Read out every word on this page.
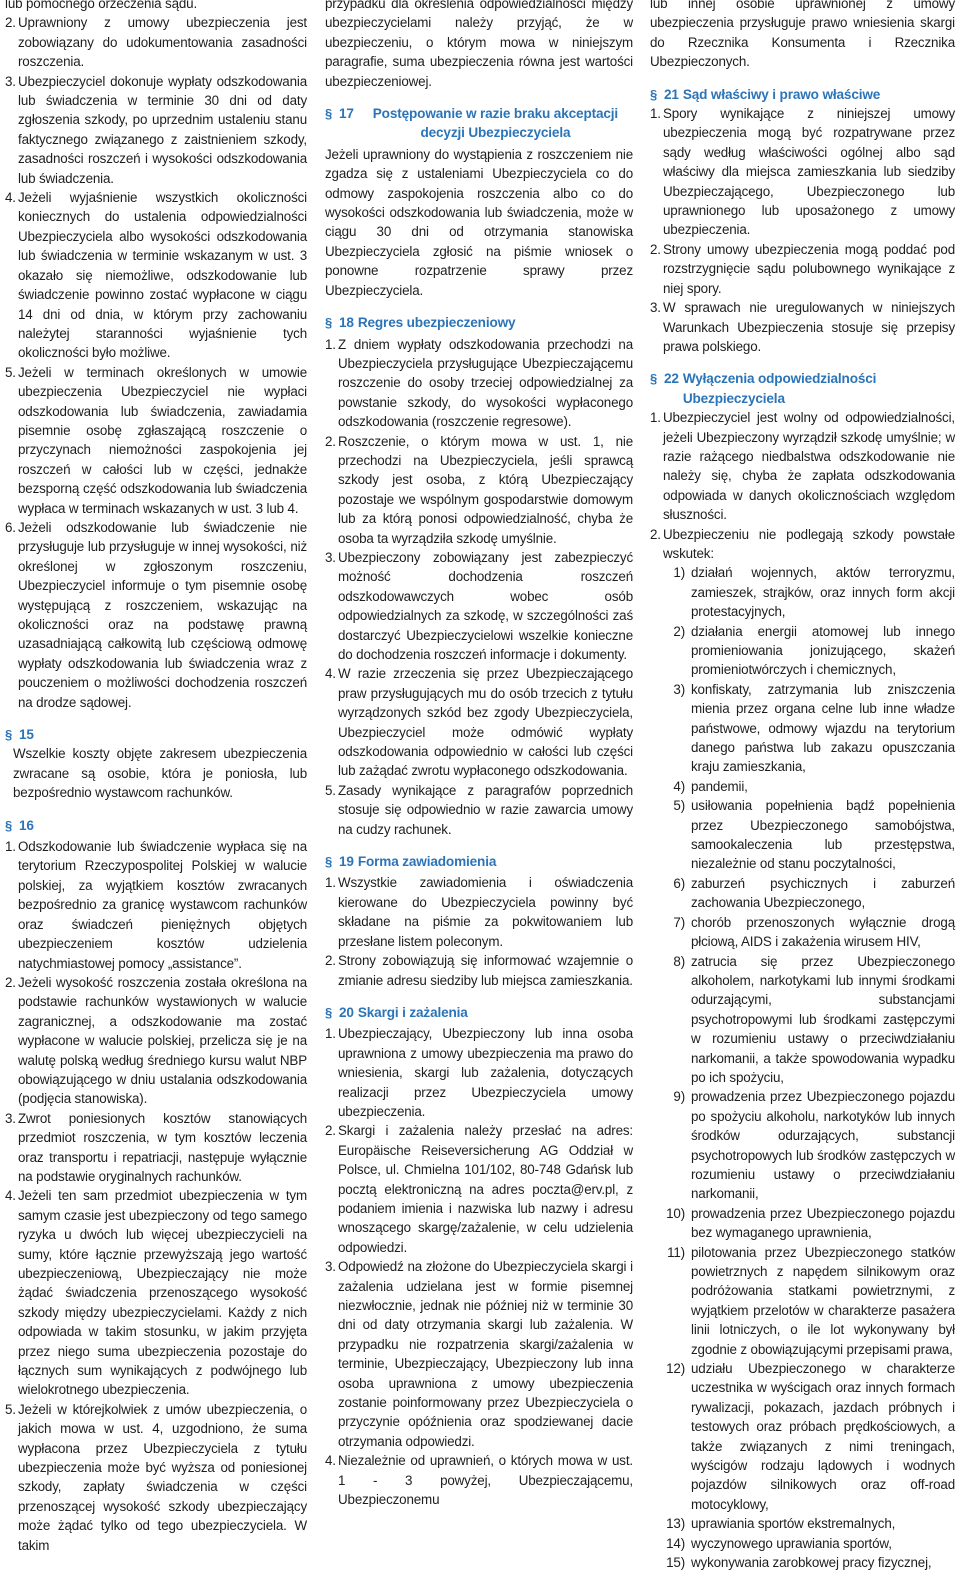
lub pomocnego orzeczenia sądu.

2. Uprawniony z umowy ubezpieczenia jest zobowiązany do udokumentowania zasadności roszczenia.
3. Ubezpieczyciel dokonuje wypłaty odszkodowania lub świadczenia w terminie 30 dni od daty zgłoszenia szkody, po uprzednim ustaleniu stanu faktycznego związanego z zaistnieniem szkody, zasadności roszczeń i wysokości odszkodowania lub świadczenia.
4. Jeżeli wyjaśnienie wszystkich okoliczności koniecznych do ustalenia odpowiedzialności Ubezpieczyciela albo wysokości odszkodowania lub świadczenia w terminie wskazanym w ust. 3 okazało się niemożliwe, odszkodowanie lub świadczenie powinno zostać wypłacone w ciągu 14 dni od dnia, w którym przy zachowaniu należytej staranności wyjaśnienie tych okoliczności było możliwe.
5. Jeżeli w terminach określonych w umowie ubezpieczenia Ubezpieczyciel nie wypłaci odszkodowania lub świadczenia, zawiadamia pisemnie osobę zgłaszającą roszczenie o przyczynach niemożności zaspokojenia jej roszczeń w całości lub w części, jednakże bezsporną część odszkodowania lub świadczenia wypłaca w terminach wskazanych w ust. 3 lub 4.
6. Jeżeli odszkodowanie lub świadczenie nie przysługuje lub przysługuje w innej wysokości, niż określonej w zgłoszonym roszczeniu, Ubezpieczyciel informuje o tym pisemnie osobę występującą z roszczeniem, wskazując na okoliczności oraz na podstawę prawną uzasadniającą całkowitą lub częściową odmowę wypłaty odszkodowania lub świadczenia wraz z pouczeniem o możliwości dochodzenia roszczeń na drodze sądowej.
§ 15

Wszelkie koszty objęte zakresem ubezpieczenia zwracane są osobie, która je poniosła, lub bezpośrednio wystawcom rachunków.

§ 16
1. Odszkodowanie lub świadczenie wypłaca się na terytorium Rzeczypospolitej Polskiej w walucie polskiej, za wyjątkiem kosztów zwracanych bezpośrednio za granicę wystawcom rachunków oraz świadczeń pieniężnych objętych ubezpieczeniem kosztów udzielenia natychmiastowej pomocy „assistance”.
2. Jeżeli wysokość roszczenia została określona na podstawie rachunków wystawionych w walucie zagranicznej, a odszkodowanie ma zostać wypłacone w walucie polskiej, przelicza się je na walutę polską według średniego kursu walut NBP obowiązującego w dniu ustalania odszkodowania (podjęcia stanowiska).
3. Zwrot poniesionych kosztów stanowiących przedmiot roszczenia, w tym kosztów leczenia oraz transportu i repatriacji, następuje wyłącznie na podstawie oryginalnych rachunków.
4. Jeżeli ten sam przedmiot ubezpieczenia w tym samym czasie jest ubezpieczony od tego samego ryzyka u dwóch lub więcej ubezpieczycieli na sumy, które łącznie przewyższają jego wartość ubezpieczeniową, Ubezpieczający nie może żądać świadczenia przenoszącego wysokość szkody między ubezpieczycielami. Każdy z nich odpowiada w takim stosunku, w jakim przyjęta przez niego suma ubezpieczenia pozostaje do łącznych sum wynikających z podwójnego lub wielokrotnego ubezpieczenia.
5. Jeżeli w którejkolwiek z umów ubezpieczenia, o jakich mowa w ust. 4, uzgodniono, że suma wypłacona przez Ubezpieczyciela z tytułu ubezpieczenia może być wyższa od poniesionej szkody, zapłaty świadczenia w części przenoszącej wysokość szkody ubezpieczający może żądać tylko od tego ubezpieczyciela. W takim

przypadku dla określenia odpowiedzialności między ubezpieczycielami należy przyjąć, że w ubezpieczeniu, o którym mowa w niniejszym paragrafie, suma ubezpieczenia równa jest wartości ubezpieczeniowej.

§ 17	Postępowanie w razie braku akceptacji decyzji Ubezpieczyciela

Jeżeli uprawniony do wystąpienia z roszczeniem nie zgadza się z ustaleniami Ubezpieczyciela co do odmowy zaspokojenia roszczenia albo co do wysokości odszkodowania lub świadczenia, może w ciągu 30 dni od otrzymania stanowiska Ubezpieczyciela zgłosić na piśmie wniosek o ponowne rozpatrzenie sprawy przez Ubezpieczyciela.

§ 18 Regres ubezpieczeniowy
1. Z dniem wypłaty odszkodowania przechodzi na Ubezpieczyciela przysługujące Ubezpieczającemu roszczenie do osoby trzeciej odpowiedzialnej za powstanie szkody, do wysokości wypłaconego odszkodowania (roszczenie regresowe).
2. Roszczenie, o którym mowa w ust. 1, nie przechodzi na Ubezpieczyciela, jeśli sprawcą szkody jest osoba, z którą Ubezpieczający pozostaje we wspólnym gospodarstwie domowym lub za którą ponosi odpowiedzialność, chyba że osoba ta wyrządziła szkodę umyślnie.
3. Ubezpieczony zobowiązany jest zabezpieczyć możność dochodzenia roszczeń odszkodowawczych wobec osób odpowiedzialnych za szkodę, w szczególności zaś dostarczyć Ubezpieczycielowi wszelkie konieczne do dochodzenia roszczeń informacje i dokumenty.
4. W razie zrzeczenia się przez Ubezpieczającego praw przysługujących mu do osób trzecich z tytułu wyrządzonych szkód bez zgody Ubezpieczyciela, Ubezpieczyciel może odmówić wypłaty odszkodowania odpowiednio w całości lub części lub zażądać zwrotu wypłaconego odszkodowania.
5. Zasady wynikające z paragrafów poprzednich stosuje się odpowiednio w razie zawarcia umowy na cudzy rachunek.
§ 19 Forma zawiadomienia
1. Wszystkie zawiadomienia i oświadczenia kierowane do Ubezpieczyciela powinny być składane na piśmie za pokwitowaniem lub przesłane listem poleconym.
2. Strony zobowiązują się informować wzajemnie o zmianie adresu siedziby lub miejsca zamieszkania.
§ 20 Skargi i zażalenia
1. Ubezpieczający, Ubezpieczony lub inna osoba uprawniona z umowy ubezpieczenia ma prawo do wniesienia, skargi lub zażalenia, dotyczących realizacji przez Ubezpieczyciela umowy ubezpieczenia.
2. Skargi i zażalenia należy przesłać na adres: Europäische Reiseversicherung AG Oddział w Polsce, ul. Chmielna 101/102, 80-748 Gdańsk lub pocztą elektroniczną na adres pocztа@erv.pl, z podaniem imienia i nazwiska lub nazwy i adresu wnoszącego skargę/zażalenie, w celu udzielenia odpowiedzi.
3. Odpowiedź na złożone do Ubezpieczyciela skargi i zażalenia udzielana jest w formie pisemnej niezwłocznie, jednak nie później niż w terminie 30 dni od daty otrzymania skargi lub zażalenia. W przypadku nie rozpatrzenia skargi/zażalenia w terminie, Ubezpieczający, Ubezpieczony lub inna osoba uprawniona z umowy ubezpieczenia zostanie poinformowany przez Ubezpieczyciela o przyczynie opóźnienia oraz spodziewanej dacie otrzymania odpowiedzi.
4. Niezależnie od uprawnień, o których mowa w ust. 1 - 3 powyżej, Ubezpieczającemu, Ubezpieczonemu

lub innej osobie uprawnionej z umowy ubezpieczenia przysługuje prawo wniesienia skargi do Rzecznika Konsumenta i Rzecznika Ubezpieczonych.

§ 21 Sąd właściwy i prawo właściwe
1. Spory wynikające z niniejszej umowy ubezpieczenia mogą być rozpatrywane przez sądy według właściwości ogólnej albo sąd właściwy dla miejsca zamieszkania lub siedziby Ubezpieczającego, Ubezpieczonego lub uprawnionego lub uposażonego z umowy ubezpieczenia.
2. Strony umowy ubezpieczenia mogą poddać pod rozstrzygnięcie sądu polubownego wynikające z niej spory.
3. W sprawach nie uregulowanych w niniejszych Warunkach Ubezpieczenia stosuje się przepisy prawa polskiego.
§ 22 Wyłączenia odpowiedzialności Ubezpieczyciela
1. Ubezpieczyciel jest wolny od odpowiedzialności, jeżeli Ubezpieczony wyrządził szkodę umyślnie; w razie rażącego niedbalstwa odszkodowanie nie należy się, chyba że zapłata odszkodowania odpowiada w danych okolicznościach względom słuszności.
2. Ubezpieczeniu nie podlegają szkody powstałe wskutek:
1) działań wojennych, aktów terroryzmu, zamieszek, strajków, oraz innych form akcji protestacyjnych,
2) działania energii atomowej lub innego promieniowania jonizującego, skażeń promieniotwórczych i chemicznych,
3) konfiskaty, zatrzymania lub zniszczenia mienia przez organa celne lub inne władze państwowe, odmowy wjazdu na terytorium danego państwa lub zakazu opuszczania kraju zamieszkania,
4) pandemii,
5) usiłowania popełnienia bądź popełnienia przez Ubezpieczonego samobójstwa, samookaleczenia lub przestępstwa, niezależnie od stanu poczytalności,
6) zaburzeń psychicznych i zaburzeń zachowania Ubezpieczonego,
7) chorób przenoszonych wyłącznie drogą płciową, AIDS i zakażenia wirusem HIV,
8) zatrucia się przez Ubezpieczonego alkoholem, narkotykami lub innymi środkami odurzającymi, substancjami psychotropowymi lub środkami zastępczymi w rozumieniu ustawy o przeciwdziałaniu narkomanii, a także spowodowania wypadku po ich spożyciu,
9) prowadzenia przez Ubezpieczonego pojazdu po spożyciu alkoholu, narkotyków lub innych środków odurzających, substancji psychotropowych lub środków zastępczych w rozumieniu ustawy o przeciwdziałaniu narkomanii,
10) prowadzenia przez Ubezpieczonego pojazdu bez wymaganego uprawnienia,
11) pilotowania przez Ubezpieczonego statków powietrznych z napędem silnikowym oraz podróżowania statkami powietrznymi, z wyjątkiem przelotów w charakterze pasażera linii lotniczych, o ile lot wykonywany był zgodnie z obowiązującymi przepisami prawa,
12) udziału Ubezpieczonego w charakterze uczestnika w wyścigach oraz innych formach rywalizacji, pokazach, jazdach próbnych i testowych oraz próbach prędkościowych, a także związanych z nimi treningach, wyścigów rodzaju lądowych i wodnych pojazdów silnikowych oraz off-road motocyklowy,
13) uprawiania sportów ekstremalnych,
14) wyczynowego uprawiania sportów,
15) wykonywania zarobkowej pracy fizycznej,
